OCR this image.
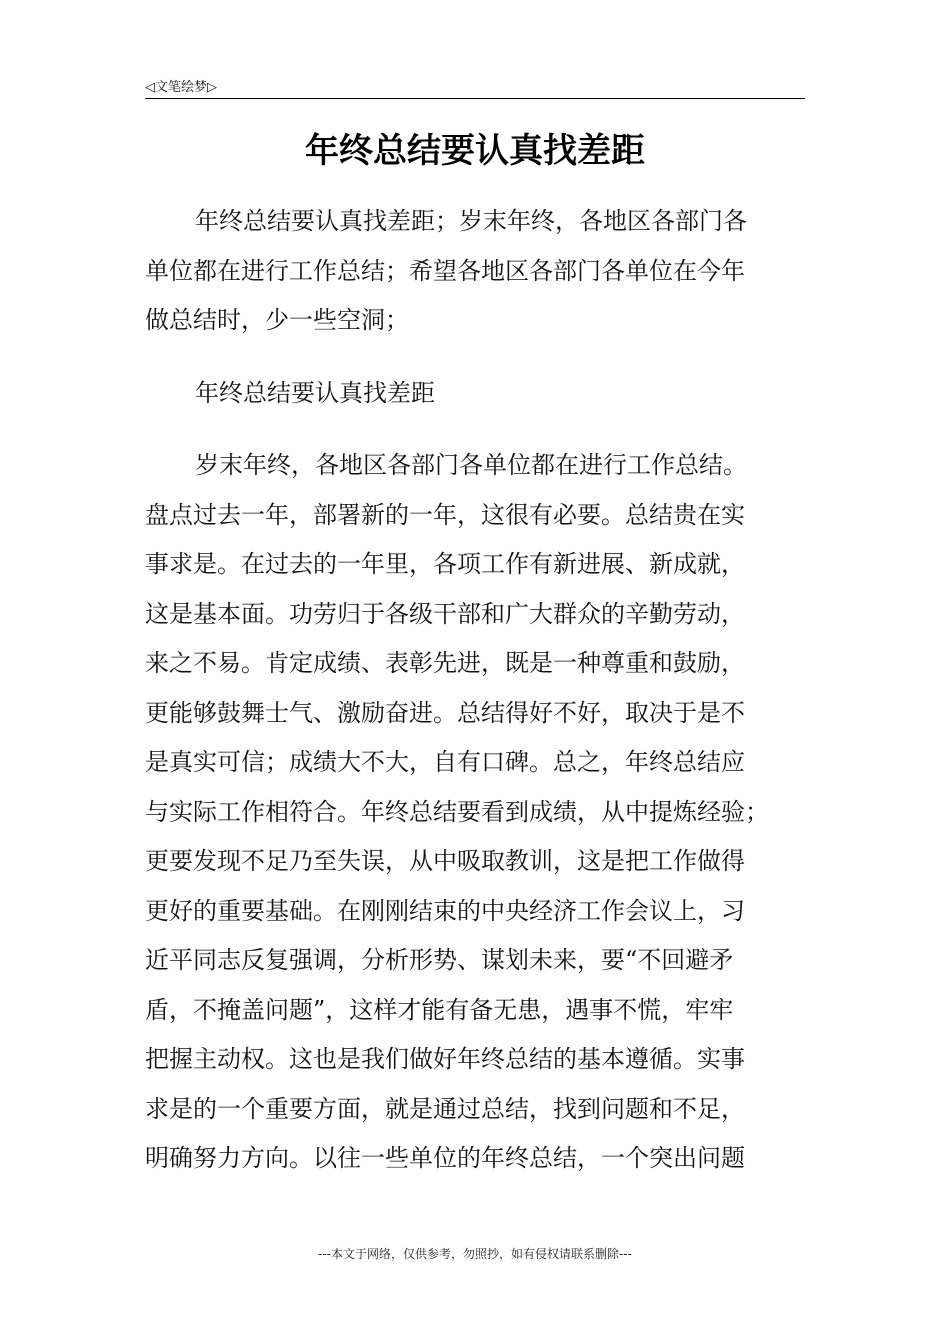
◁文笔绘梦▷
年终总结要认真找差距
年终总结要认真找差距；岁末年终，各地区各部门各
单位都在进行工作总结；希望各地区各部门各单位在今年
做总结时，少一些空洞；
年终总结要认真找差距
岁末年终，各地区各部门各单位都在进行工作总结。
盘点过去一年，部署新的一年，这很有必要。总结贵在实
事求是。在过去的一年里，各项工作有新进展、新成就，
这是基本面。功劳归于各级干部和广大群众的辛勤劳动，
来之不易。肯定成绩、表彰先进，既是一种尊重和鼓励，
更能够鼓舞士气、激励奋进。总结得好不好，取决于是不
是真实可信；成绩大不大，自有口碑。总之，年终总结应
与实际工作相符合。年终总结要看到成绩，从中提炼经验；
更要发现不足乃至失误，从中吸取教训，这是把工作做得
更好的重要基础。在刚刚结束的中央经济工作会议上，习
近平同志反复强调，分析形势、谋划未来，要“不回避矛
盾，不掩盖问题”，这样才能有备无患，遇事不慌，牢牢
把握主动权。这也是我们做好年终总结的基本遵循。实事
求是的一个重要方面，就是通过总结，找到问题和不足，
明确努力方向。以往一些单位的年终总结，一个突出问题
---本文于网络，仅供参考，勿照抄，如有侵权请联系删除---
